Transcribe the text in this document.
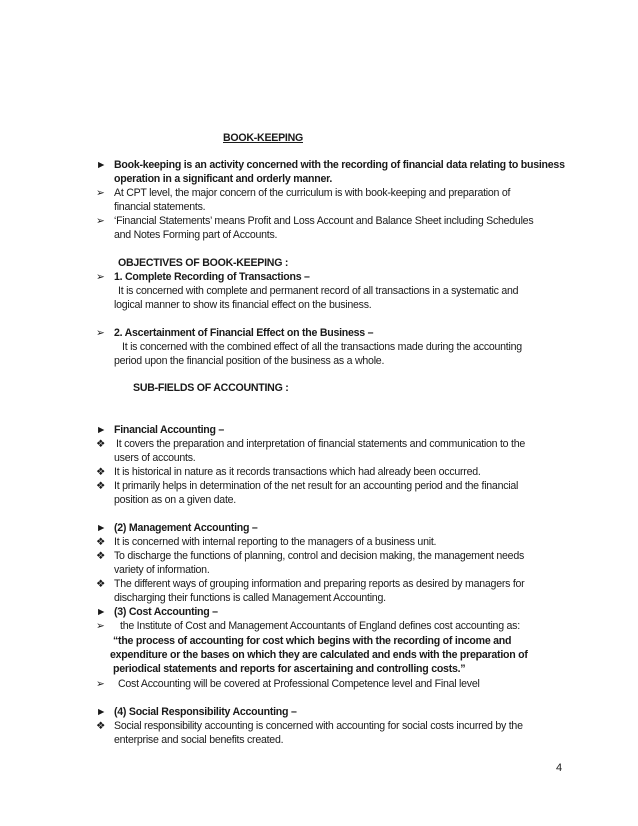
BOOK-KEEPING
► Book-keeping is an activity concerned with the recording of financial data relating to business
operation in a significant and orderly manner.
➢ At CPT level, the major concern of the curriculum is with book-keeping and preparation of
financial statements.
➢ ‘Financial Statements’ means Profit and Loss Account and Balance Sheet including Schedules
and Notes Forming part of Accounts.
OBJECTIVES OF BOOK-KEEPING :
➢ 1. Complete Recording of Transactions –
It is concerned with complete and permanent record of all transactions in a systematic and
logical manner to show its financial effect on the business.
➢ 2. Ascertainment of Financial Effect on the Business –
It is concerned with the combined effect of all the transactions made during the accounting
period upon the financial position of the business as a whole.
SUB-FIELDS OF ACCOUNTING :
► Financial Accounting –
❖ It covers the preparation and interpretation of financial statements and communication to the
users of accounts.
❖ It is historical in nature as it records transactions which had already been occurred.
❖ It primarily helps in determination of the net result for an accounting period and the financial
position as on a given date.
► (2) Management Accounting –
❖ It is concerned with internal reporting to the managers of a business unit.
❖ To discharge the functions of planning, control and decision making, the management needs
variety of information.
❖ The different ways of grouping information and preparing reports as desired by managers for
discharging their functions is called Management Accounting.
► (3) Cost Accounting –
➢	the Institute of Cost and Management Accountants of England defines cost accounting as:
“the process of accounting for cost which begins with the recording of income and
expenditure or the bases on which they are calculated and ends with the preparation of
periodical statements and reports for ascertaining and controlling costs.”
➢	Cost Accounting will be covered at Professional Competence level and Final level
► (4) Social Responsibility Accounting –
❖ Social responsibility accounting is concerned with accounting for social costs incurred by the
enterprise and social benefits created.
4
